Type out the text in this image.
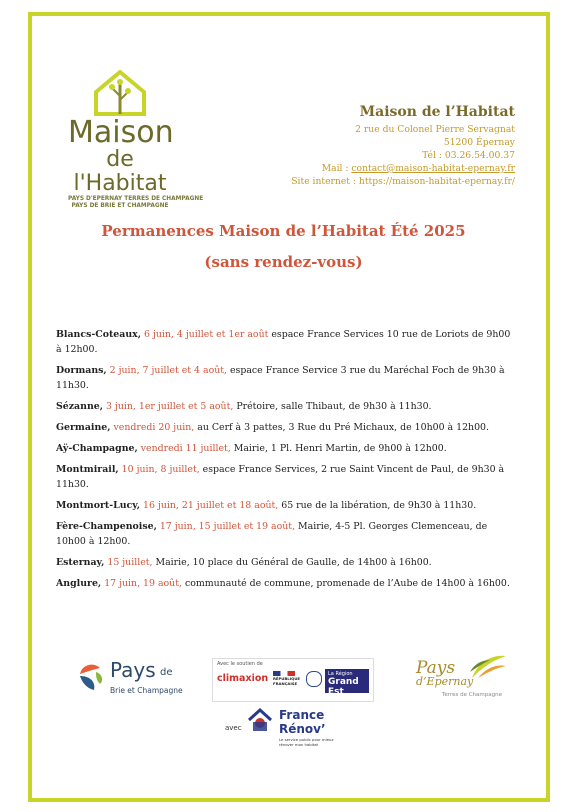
Maison
de l'Habitat
PAYS D'EPERNAY TERRES DE CHAMPAGNE
PAYS DE BRIE ET CHAMPAGNE
Maison de l’Habitat
2 rue du Colonel Pierre Servagnat
51200 Épernay
Tél : 03.26.54.00.37
Mail : contact@maison-habitat-epernay.fr
Site internet : https://maison-habitat-epernay.fr/
Permanences Maison de l’Habitat Été 2025
(sans rendez-vous)

Blancs-Coteaux, 6 juin, 4 juillet et 1er août espace France Services 10 rue de Loriots de 9h00 à 12h00.

Dormans, 2 juin, 7 juillet et 4 août, espace France Service 3 rue du Maréchal Foch de 9h30 à 11h30.

Sézanne, 3 juin, 1er juillet et 5 août, Prétoire, salle Thibaut, de 9h30 à 11h30.

Germaine, vendredi 20 juin, au Cerf à 3 pattes, 3 Rue du Pré Michaux, de 10h00 à 12h00.

Aÿ-Champagne, vendredi 11 juillet, Mairie, 1 Pl. Henri Martin, de 9h00 à 12h00.

Montmirail, 10 juin, 8 juillet, espace France Services, 2 rue Saint Vincent de Paul, de 9h30 à 11h30.

Montmort-Lucy, 16 juin, 21 juillet et 18 août, 65 rue de la libération, de 9h30 à 11h30.

Fère-Champenoise, 17 juin, 15 juillet et 19 août, Mairie, 4-5 Pl. Georges Clemenceau, de 10h00 à 12h00.

Esternay, 15 juillet, Mairie, 10 place du Général de Gaulle, de 14h00 à 16h00.

Anglure, 17 juin, 19 août, communauté de commune, promenade de l’Aube de 14h00 à 16h00.

Pays de
Brie et Champagne
Avec le soutien de
climaxion RÉPUBLIQUE FRANÇAISE
La Région
Grand Est
Pays
d’Epernay
Terres de Champagne
avec
France
Rénov’
Le service public pour mieux rénover mon habitat
